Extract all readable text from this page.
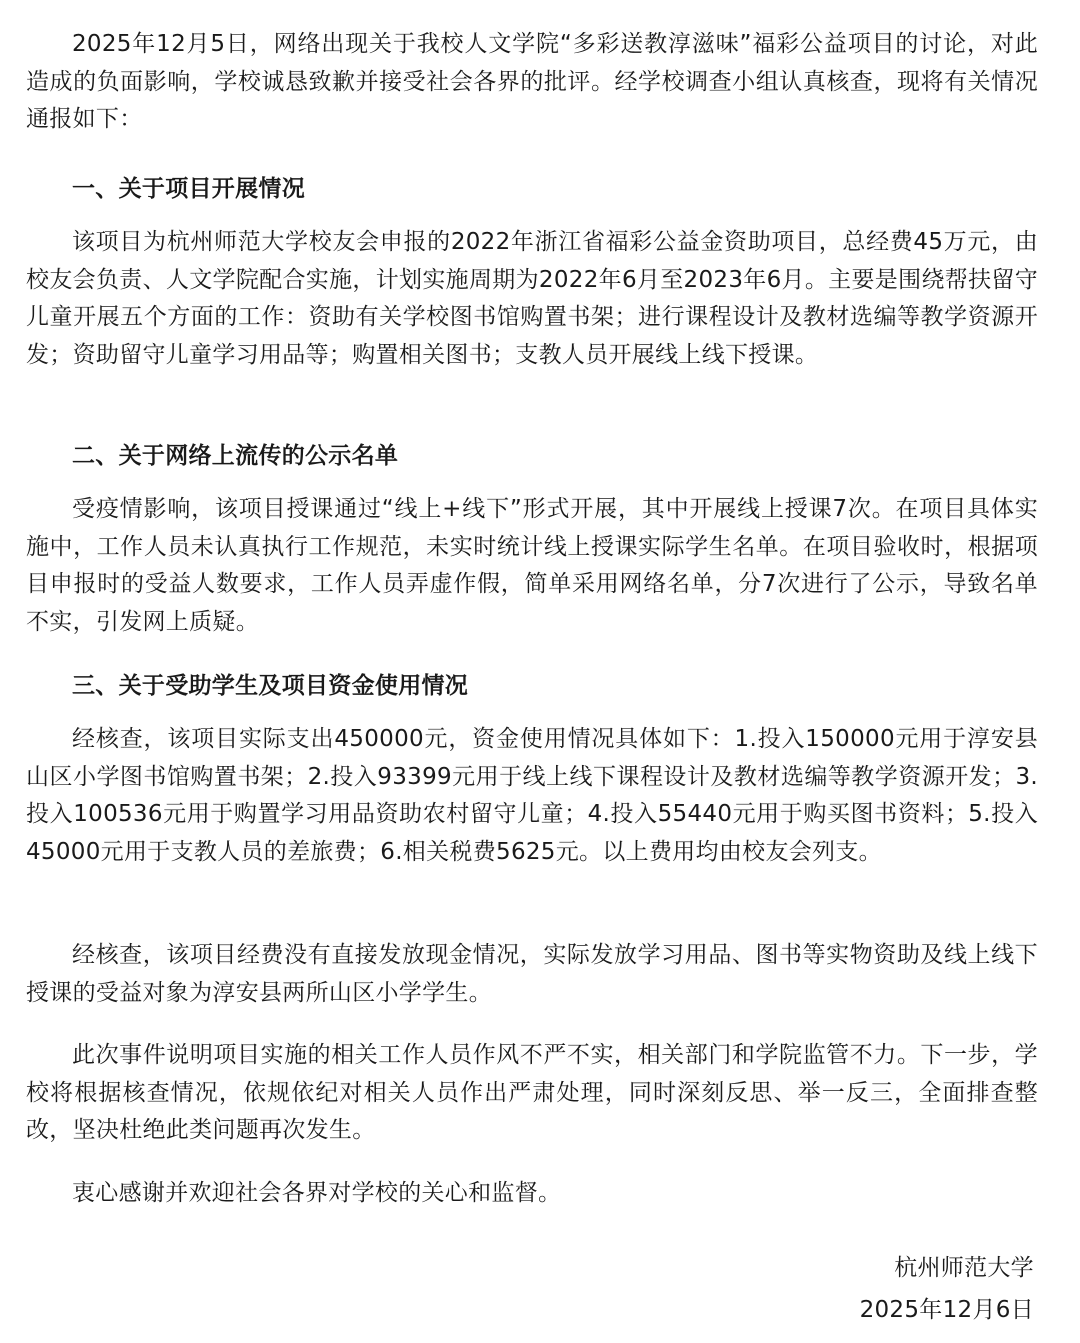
2025年12月5日，网络出现关于我校人文学院“多彩送教淳滋味”福彩公益项目的讨论，对此造成的负面影响，学校诚恳致歉并接受社会各界的批评。经学校调查小组认真核查，现将有关情况通报如下：

一、关于项目开展情况

该项目为杭州师范大学校友会申报的2022年浙江省福彩公益金资助项目，总经费45万元，由校友会负责、人文学院配合实施，计划实施周期为2022年6月至2023年6月。主要是围绕帮扶留守儿童开展五个方面的工作：资助有关学校图书馆购置书架；进行课程设计及教材选编等教学资源开发；资助留守儿童学习用品等；购置相关图书；支教人员开展线上线下授课。

二、关于网络上流传的公示名单

受疫情影响，该项目授课通过“线上+线下”形式开展，其中开展线上授课7次。在项目具体实施中，工作人员未认真执行工作规范，未实时统计线上授课实际学生名单。在项目验收时，根据项目申报时的受益人数要求，工作人员弄虚作假，简单采用网络名单，分7次进行了公示，导致名单不实，引发网上质疑。

三、关于受助学生及项目资金使用情况

经核查，该项目实际支出450000元，资金使用情况具体如下：1.投入150000元用于淳安县山区小学图书馆购置书架；2.投入93399元用于线上线下课程设计及教材选编等教学资源开发；3.投入100536元用于购置学习用品资助农村留守儿童；4.投入55440元用于购买图书资料；5.投入45000元用于支教人员的差旅费；6.相关税费5625元。以上费用均由校友会列支。

经核查，该项目经费没有直接发放现金情况，实际发放学习用品、图书等实物资助及线上线下授课的受益对象为淳安县两所山区小学学生。

此次事件说明项目实施的相关工作人员作风不严不实，相关部门和学院监管不力。下一步，学校将根据核查情况，依规依纪对相关人员作出严肃处理，同时深刻反思、举一反三，全面排查整改，坚决杜绝此类问题再次发生。

衷心感谢并欢迎社会各界对学校的关心和监督。

杭州师范大学

2025年12月6日
